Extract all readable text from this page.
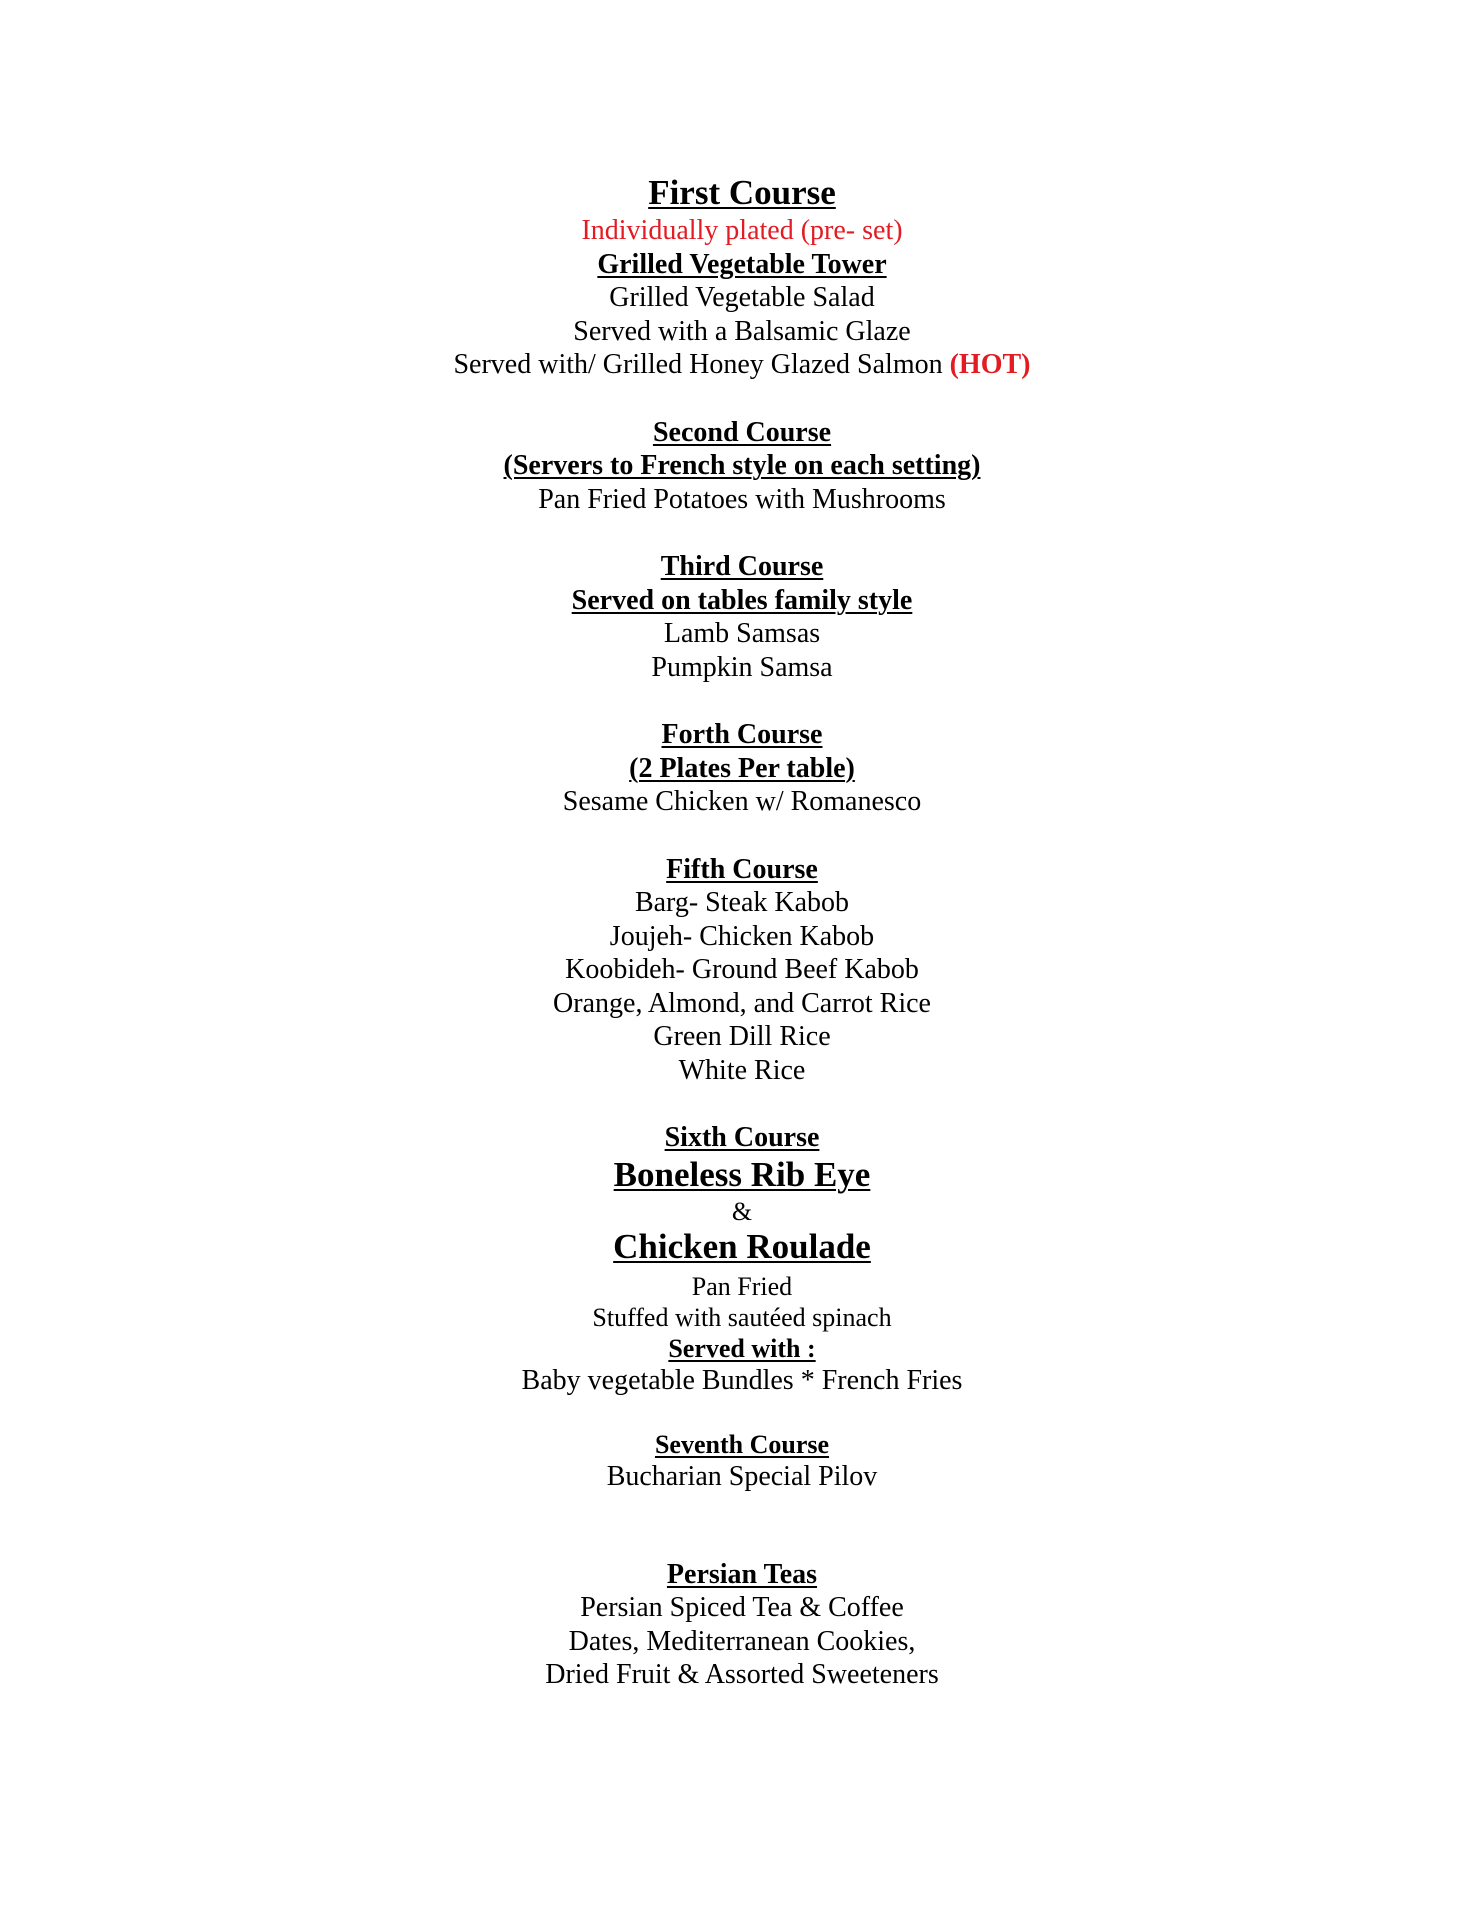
First Course
Individually plated (pre- set)
Grilled Vegetable Tower
Grilled Vegetable Salad
Served with a Balsamic Glaze
Served with/ Grilled Honey Glazed Salmon (HOT)
Second Course
(Servers to French style on each setting)
Pan Fried Potatoes with Mushrooms
Third Course
Served on tables family style
Lamb Samsas
Pumpkin Samsa
Forth Course
(2 Plates Per table)
Sesame Chicken w/ Romanesco
Fifth Course
Barg- Steak Kabob
Joujeh- Chicken Kabob
Koobideh- Ground Beef Kabob
Orange, Almond, and Carrot Rice
Green Dill Rice
White Rice
Sixth Course
Boneless Rib Eye
&
Chicken Roulade
Pan Fried
Stuffed with sautéed spinach
Served with :
Baby vegetable Bundles * French Fries
Seventh Course
Bucharian Special Pilov
Persian Teas
Persian Spiced Tea & Coffee
Dates, Mediterranean Cookies,
Dried Fruit & Assorted Sweeteners
